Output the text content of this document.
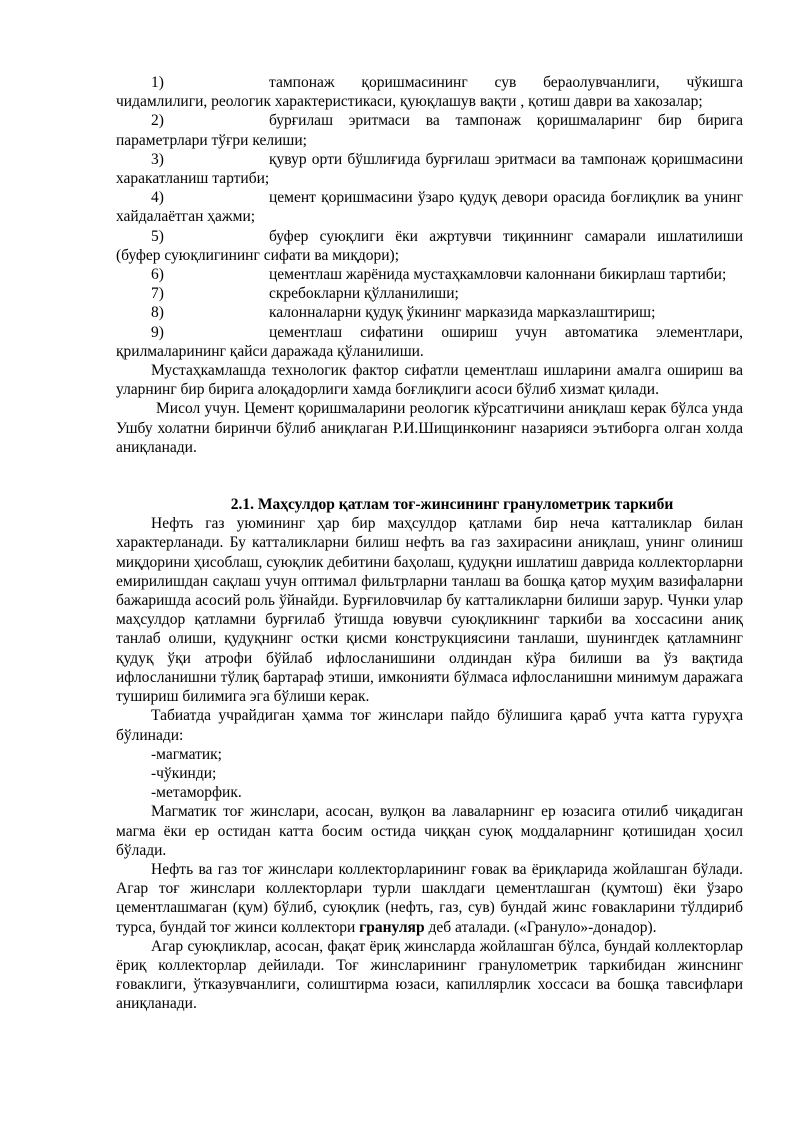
1)	тампонаж қоришмасининг сув бераолувчанлиги, чўкишга чидамлилиги, реологик характеристикаси, қуюқлашув вақти , қотиш даври ва хакозалар;
2)	бурғилаш эритмаси ва тампонаж қоришмаларинг бир бирига параметрлари тўғри келиши;
3)	қувур орти бўшлиғида бурғилаш эритмаси ва тампонаж қоришмасини харакатланиш тартиби;
4)	цемент қоришмасини ўзаро қудуқ девори орасида боғлиқлик ва унинг хайдалаётган ҳажми;
5)	буфер суюқлиги ёки ажртувчи тиқиннинг самарали ишлатилиши (буфер суюқлигининг сифати ва миқдори);
6)	цементлаш жарёнида мустаҳкамловчи калоннани бикирлаш тартиби;
7)	скребокларни қўлланилиши;
8)	калонналарни қудуқ ўкининг марказида марказлаштириш;
9)	цементлаш сифатини ошириш учун автоматика элементлари, қрилмаларининг қайси даражада қўланилиши.

Мустаҳкамлашда технологик фактор сифатли цементлаш ишларини амалга ошириш ва уларнинг бир бирига алоқадорлиги хамда боғлиқлиги асоси бўлиб хизмат қилади.

Мисол учун. Цемент қоришмаларини реологик кўрсатгичини аниқлаш керак бўлса унда Ушбу холатни биринчи бўлиб аниқлаган Р.И.Шищинконинг назарияси эътиборга олган холда аниқланади.

2.1. Маҳсулдор қатлам тоғ-жинсининг гранулометрик таркиби

Нефть газ уюмининг ҳар бир маҳсулдор қатлами бир неча катталиклар билан характерланади. Бу катталикларни билиш нефть ва газ захирасини аниқлаш, унинг олиниш миқдорини ҳисоблаш, суюқлик дебитини баҳолаш, қудуқни ишлатиш даврида коллекторларни емирилишдан сақлаш учун оптимал фильтрларни танлаш ва бошқа қатор муҳим вазифаларни бажаришда асосий роль ўйнайди. Бурғиловчилар бу катталикларни билиши зарур. Чунки улар маҳсулдор қатламни бурғилаб ўтишда ювувчи суюқликнинг таркиби ва хоссасини аниқ танлаб олиши, қудуқнинг остки қисми конструкциясини танлаши, шунингдек қатламнинг қудуқ ўқи атрофи бўйлаб ифлосланишини олдиндан кўра билиши ва ўз вақтида ифлосланишни тўлиқ бартараф этиши, имконияти бўлмаса ифлосланишни минимум даражага тушириш билимига эга бўлиши керак.

Табиатда учрайдиган ҳамма тоғ жинслари пайдо бўлишига қараб учта катта гуруҳга бўлинади:

-магматик;

-чўкинди;

-метаморфик.

Магматик тоғ жинслари, асосан, вулқон ва лаваларнинг ер юзасига отилиб чиқадиган магма ёки ер остидан катта босим остида чиққан суюқ моддаларнинг қотишидан ҳосил бўлади.

Нефть ва газ тоғ жинслари коллекторларининг ғовак ва ёриқларида жойлашган бўлади. Агар тоғ жинслари коллекторлари турли шаклдаги цементлашган (қумтош) ёки ўзаро цементлашмаган (қум) бўлиб, суюқлик (нефть, газ, сув) бундай жинс ғовакларини тўлдириб турса, бундай тоғ жинси коллектори грануляр деб аталади. («Грануло»-донадор).

Агар суюқликлар, асосан, фақат ёриқ жинсларда жойлашган бўлса, бундай коллекторлар ёриқ коллекторлар дейилади. Тоғ жинсларининг гранулометрик таркибидан жинснинг ғоваклиги, ўтказувчанлиги, солиштирма юзаси, капиллярлик хоссаси ва бошқа тавсифлари аниқланади.
